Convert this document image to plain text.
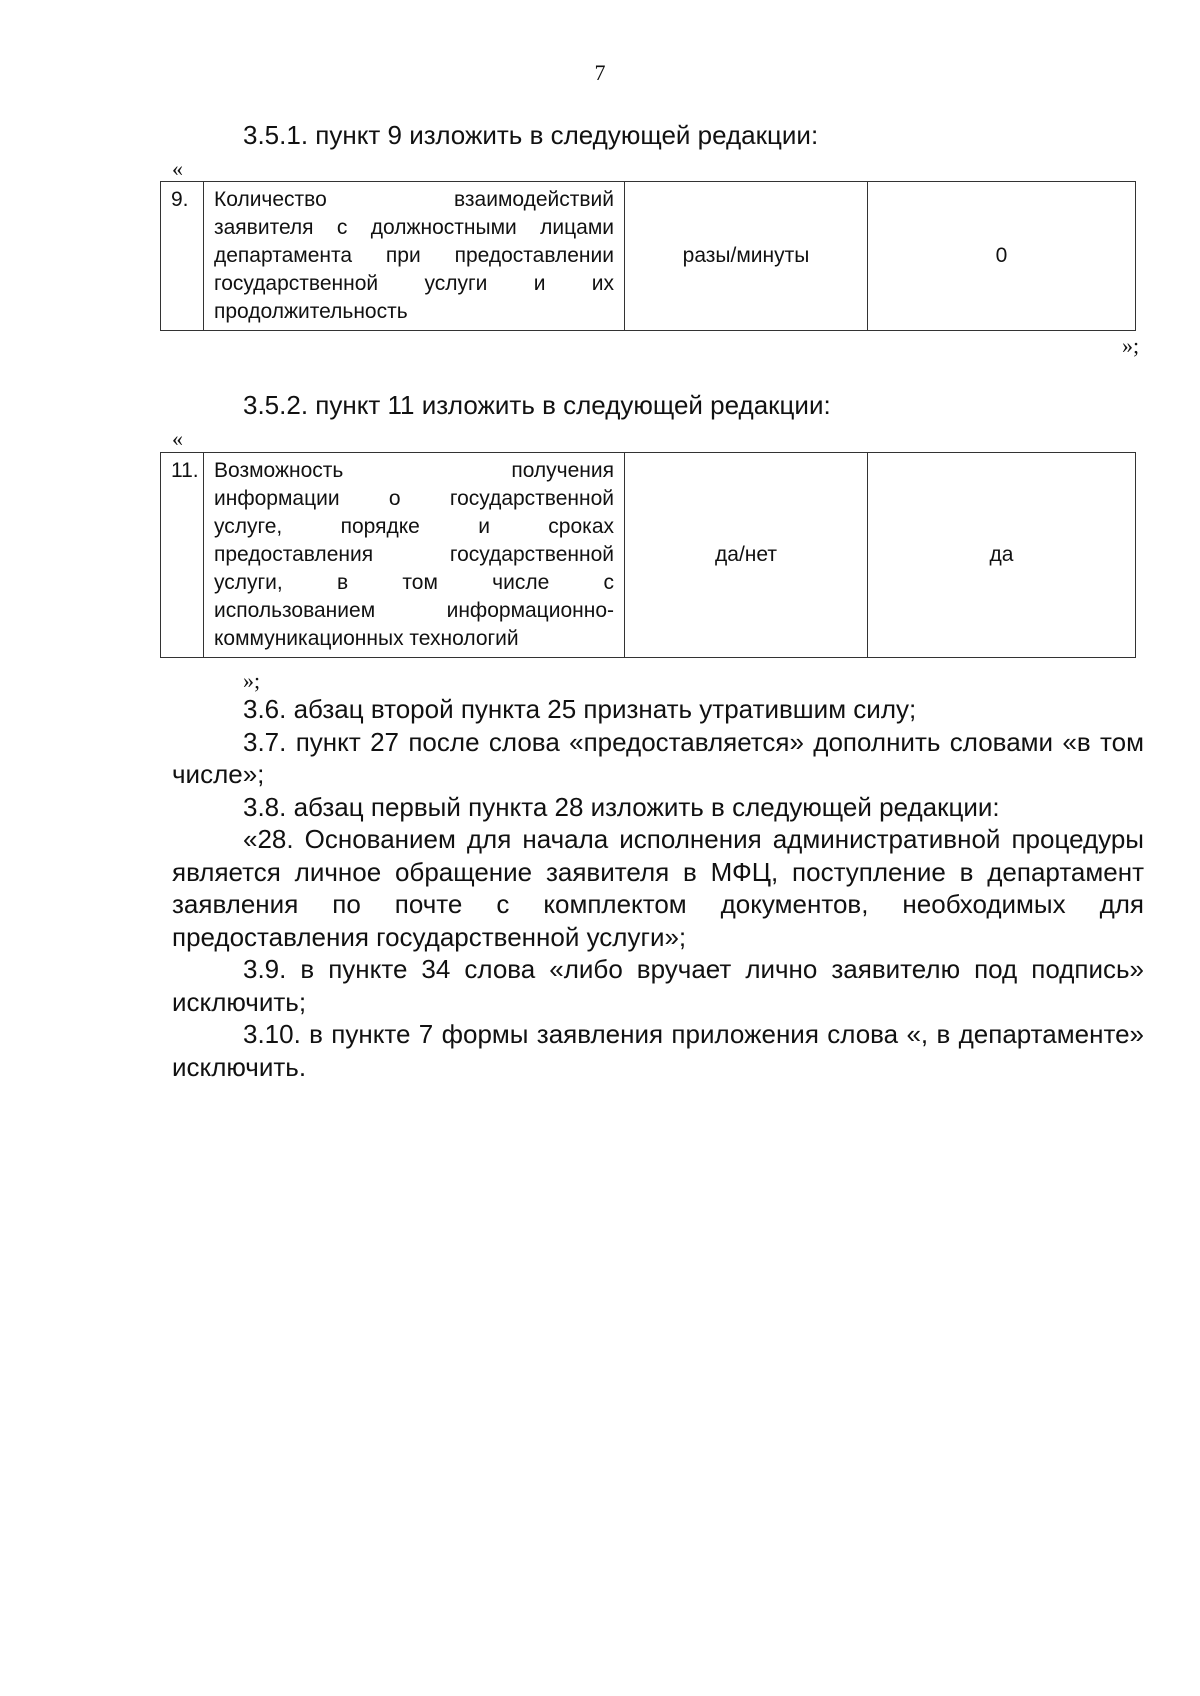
7
3.5.1. пункт 9 изложить в следующей редакции:
«
9.	Количество взаимодействий
заявителя с должностными лицами
департамента при предоставлении
государственной услуги и их
продолжительность
	разы/минуты	0
»;
3.5.2. пункт 11 изложить в следующей редакции:
«
11.	Возможность получения
информации о государственной
услуге, порядке и сроках
предоставления государственной
услуги, в том числе с
использованием информационно-
коммуникационных технологий
	да/нет	да
»;

3.6. абзац второй пункта 25 признать утратившим силу;

3.7. пункт 27 после слова «предоставляется» дополнить словами «в том числе»;

3.8. абзац первый пункта 28 изложить в следующей редакции:

«28. Основанием для начала исполнения административной процедуры является личное обращение заявителя в МФЦ, поступление в департамент заявления по почте с комплектом документов, необходимых для предоставления государственной услуги»;

3.9. в пункте 34 слова «либо вручает лично заявителю под подпись» исключить;

3.10. в пункте 7 формы заявления приложения слова «, в департаменте» исключить.
